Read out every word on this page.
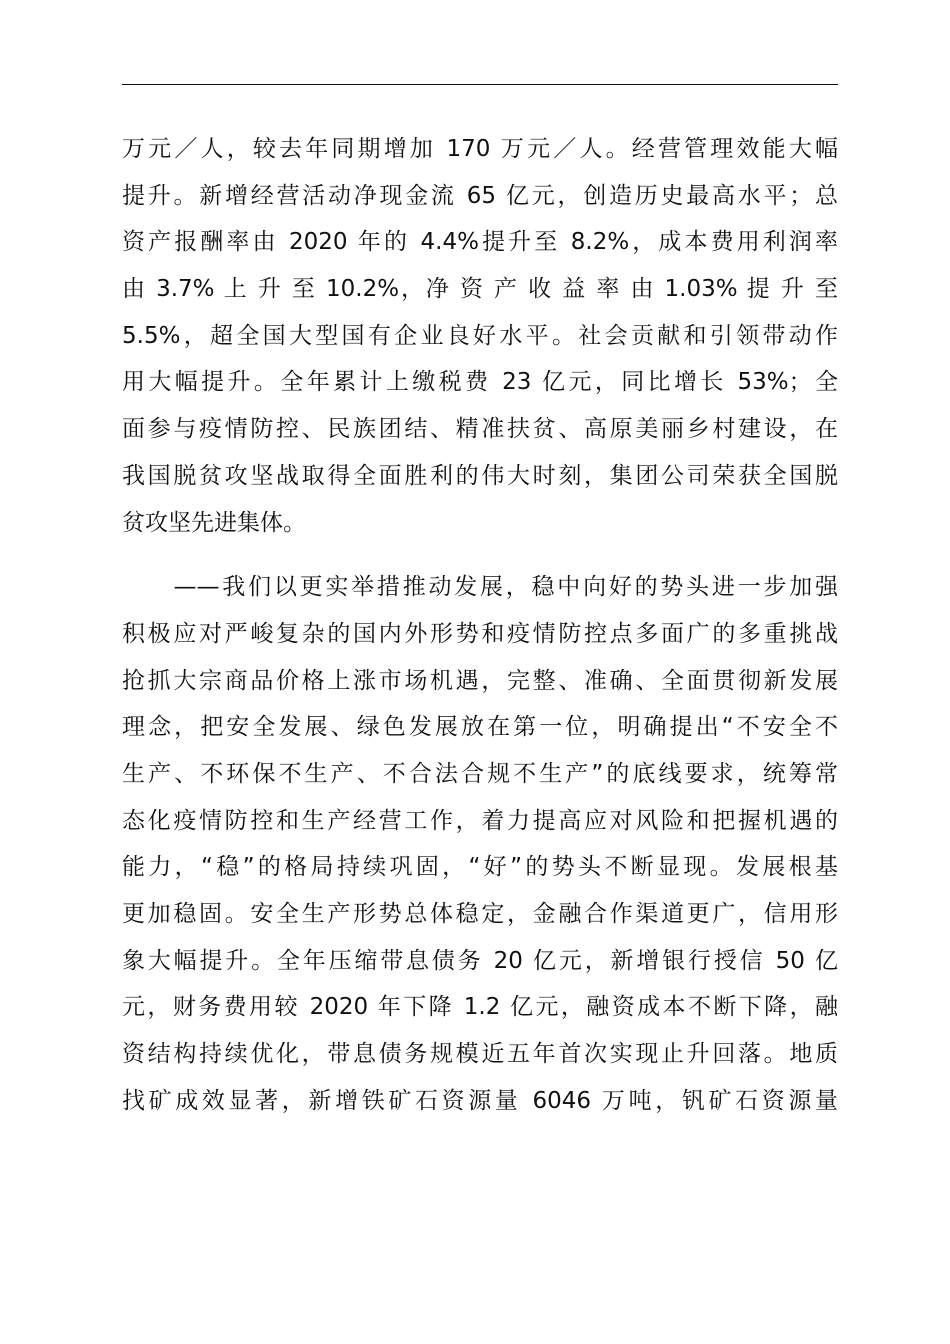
万元／人，较去年同期增加 170 万元／人。经营管理效能大幅
提升。新增经营活动净现金流 65 亿元，创造历史最高水平；总
资产报酬率由 2020 年的 4.4%提升至 8.2%，成本费用利润率
由 3.7% 上 升 至 10.2%，净 资 产 收 益 率 由 1.03% 提 升 至
5.5%，超全国大型国有企业良好水平。社会贡献和引领带动作
用大幅提升。全年累计上缴税费 23 亿元，同比增长 53%；全
面参与疫情防控、民族团结、精准扶贫、高原美丽乡村建设，在
我国脱贫攻坚战取得全面胜利的伟大时刻，集团公司荣获全国脱
贫攻坚先进集体。
　　——我们以更实举措推动发展，稳中向好的势头进一步加强
积极应对严峻复杂的国内外形势和疫情防控点多面广的多重挑战
抢抓大宗商品价格上涨市场机遇，完整、准确、全面贯彻新发展
理念，把安全发展、绿色发展放在第一位，明确提出“不安全不
生产、不环保不生产、不合法合规不生产”的底线要求，统筹常
态化疫情防控和生产经营工作，着力提高应对风险和把握机遇的
能力，“稳”的格局持续巩固，“好”的势头不断显现。发展根基
更加稳固。安全生产形势总体稳定，金融合作渠道更广，信用形
象大幅提升。全年压缩带息债务 20 亿元，新增银行授信 50 亿
元，财务费用较 2020 年下降 1.2 亿元，融资成本不断下降，融
资结构持续优化，带息债务规模近五年首次实现止升回落。地质
找矿成效显著，新增铁矿石资源量 6046 万吨，钒矿石资源量
